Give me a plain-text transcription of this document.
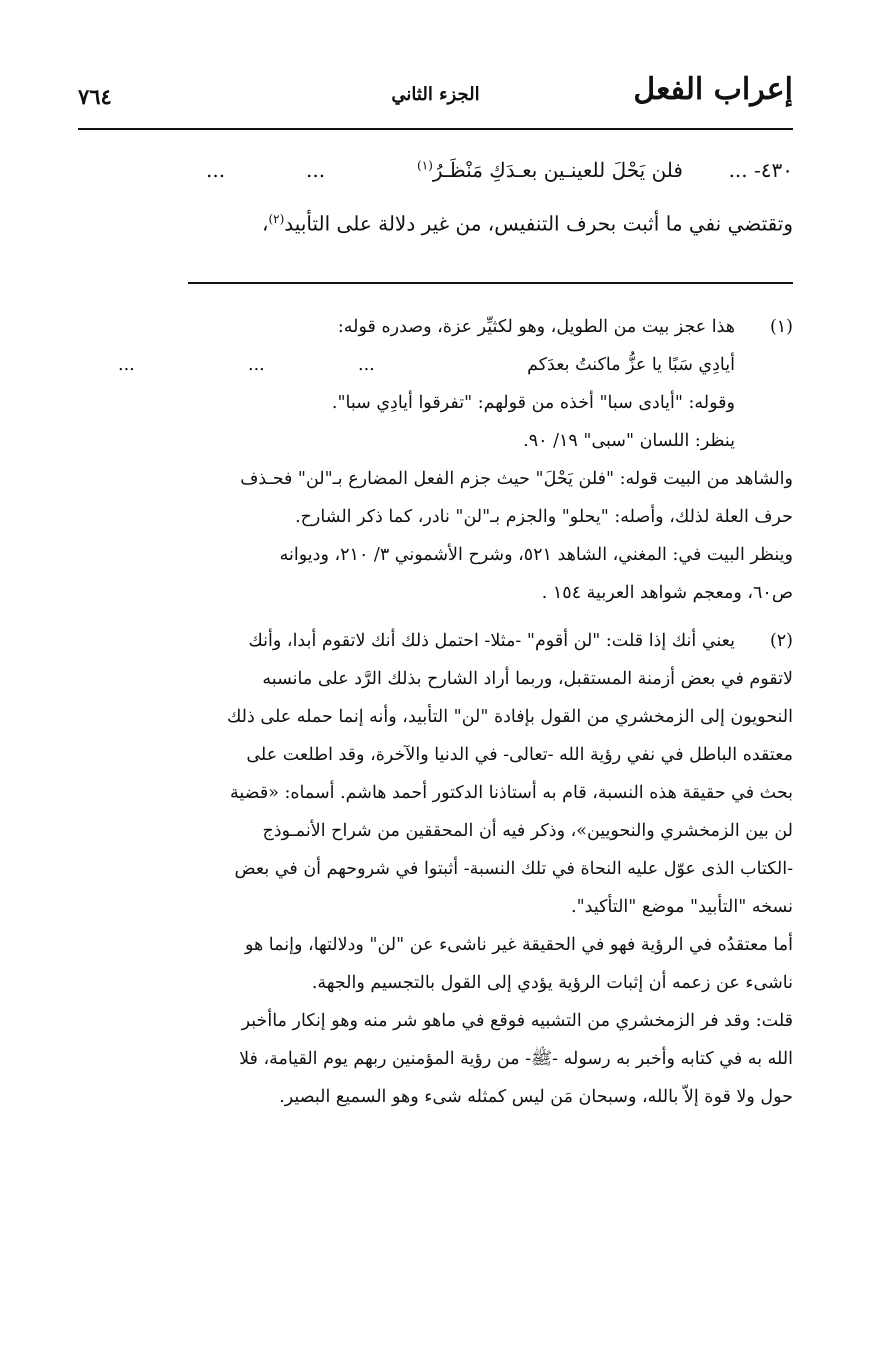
إعراب الفعل
الجزء الثاني
٧٦٤
٤٣٠- ...
فلن يَحْلَ للعينـين بعـدَكِ مَنْظَـرُ$^{(١)}$
...
...

وتقتضي نفي ما أثبت بحرف التنفيس، من غير دلالة على التأبيد$^{(٢)}$،

(١)

هذا عجز بيت من الطويل، وهو لكثيِّر عزة، وصدره قوله:

أيادِي سَبًا يا عزُّ ماكنتُ بعدَكم
...
...
...

وقوله: "أيادى سبا" أخذه من قولهم: "تفرقوا أيادِي سبا".

ينظر: اللسان "سبى" ١٩/ ٩٠.

والشاهد من البيت قوله: "فلن يَحْلَ" حيث جزم الفعل المضارع بـ"لن" فحـذف

حرف العلة لذلك، وأصله: "يحلو" والجزم بـ"لن" نادر، كما ذكر الشارح.

وينظر البيت في: المغني، الشاهد ٥٢١، وشرح الأشموني ٣/ ٢١٠، وديوانه

ص٦٠، ومعجم شواهد العربية ١٥٤ .

(٢)

يعني أنك إذا قلت: "لن أقوم" -مثلا- احتمل ذلك أنك لاتقوم أبدا، وأنك

لاتقوم في بعض أزمنة المستقبل، وربما أراد الشارح بذلك الرَّد على مانسبه

النحويون إلى الزمخشري من القول بإفادة "لن" التأبيد، وأنه إنما حمله على ذلك

معتقده الباطل في نفي رؤية الله -تعالى- في الدنيا والآخرة، وقد اطلعت على

بحث في حقيقة هذه النسبة، قام به أستاذنا الدكتور أحمد هاشم. أسماه: «قضية

لن بين الزمخشري والنحويين»، وذكر فيه أن المحققين من شراح الأنمـوذج

-الكتاب الذى عوّل عليه النحاة في تلك النسبة- أثبتوا في شروحهم أن في بعض

نسخه "التأبيد" موضع "التأكيد".

أما معتقدُه في الرؤية فهو في الحقيقة غير ناشىء عن "لن" ودلالتها، وإنما هو

ناشىء عن زعمه أن إثبات الرؤية يؤدي إلى القول بالتجسيم والجهة.

قلت: وقد فر الزمخشري من التشبيه فوقع في ماهو شر منه وهو إنكار ماأخبر

الله به في كتابه وأخبر به رسوله -ﷺ- من رؤية المؤمنين ربهم يوم القيامة، فلا

حول ولا قوة إلاّ بالله، وسبحان مَن ليس كمثله شىء وهو السميع البصير.
